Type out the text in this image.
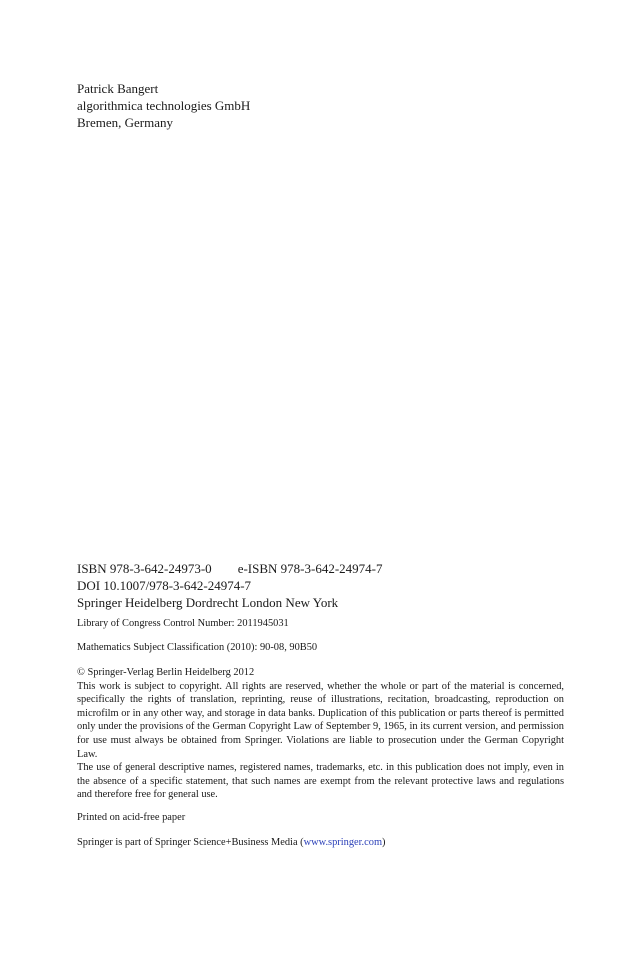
Patrick Bangert
algorithmica technologies GmbH
Bremen, Germany
ISBN 978-3-642-24973-0 e-ISBN 978-3-642-24974-7
DOI 10.1007/978-3-642-24974-7
Springer Heidelberg Dordrecht London New York
Library of Congress Control Number: 2011945031
Mathematics Subject Classification (2010): 90-08, 90B50

© Springer-Verlag Berlin Heidelberg 2012

This work is subject to copyright. All rights are reserved, whether the whole or part of the material is concerned, specifically the rights of translation, reprinting, reuse of illustrations, recitation, broadcasting, reproduction on microfilm or in any other way, and storage in data banks. Duplication of this publication or parts thereof is permitted only under the provisions of the German Copyright Law of September 9, 1965, in its current version, and permission for use must always be obtained from Springer. Violations are liable to prosecution under the German Copyright Law.

The use of general descriptive names, registered names, trademarks, etc. in this publication does not imply, even in the absence of a specific statement, that such names are exempt from the relevant protective laws and regulations and therefore free for general use.

Printed on acid-free paper
Springer is part of Springer Science+Business Media (www.springer.com)
